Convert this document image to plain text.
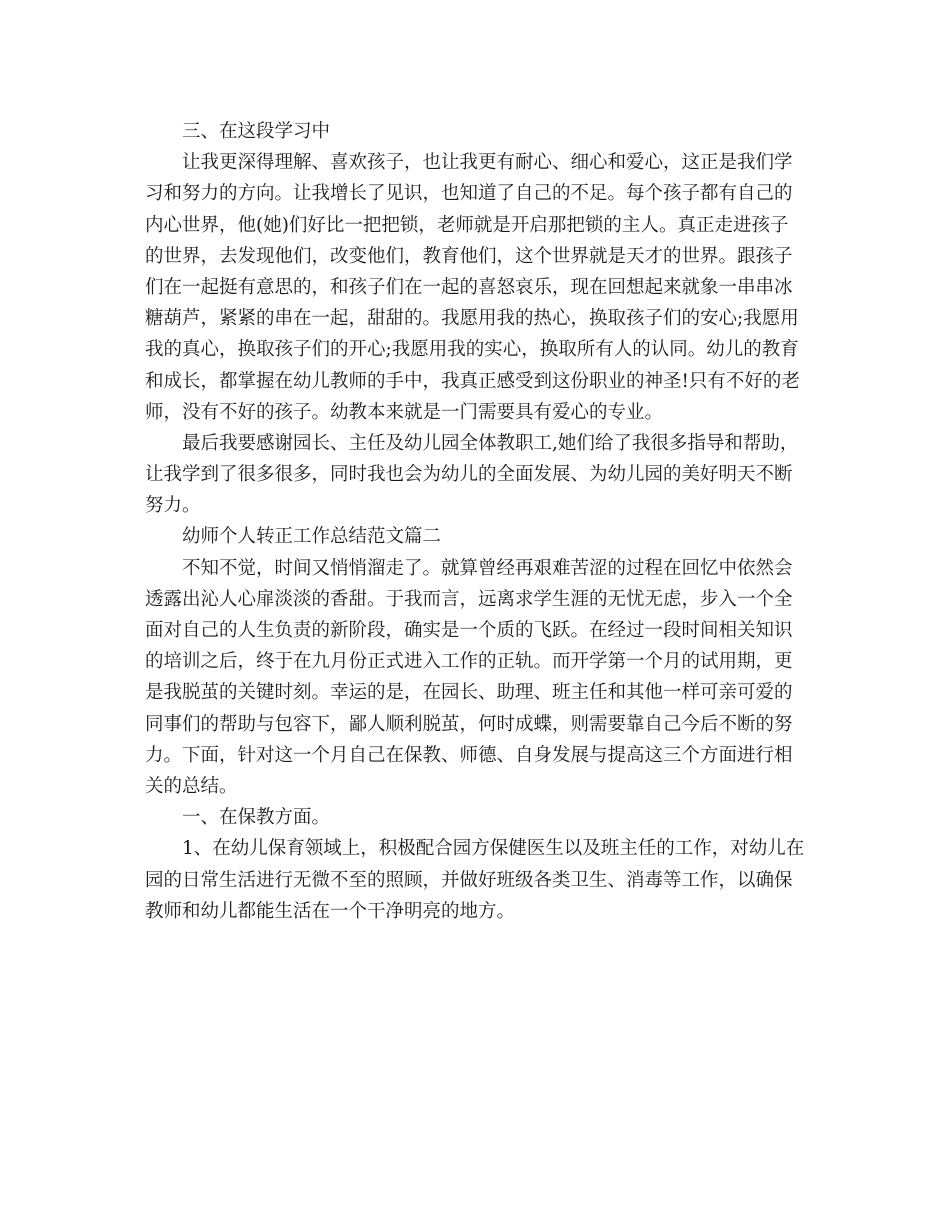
三、在这段学习中
让我更深得理解、喜欢孩子，也让我更有耐心、细心和爱心，这正是我们学
习和努力的方向。让我增长了见识，也知道了自己的不足。每个孩子都有自己的
内心世界，他(她)们好比一把把锁，老师就是开启那把锁的主人。真正走进孩子
的世界，去发现他们，改变他们，教育他们，这个世界就是天才的世界。跟孩子
们在一起挺有意思的，和孩子们在一起的喜怒哀乐，现在回想起来就象一串串冰
糖葫芦，紧紧的串在一起，甜甜的。我愿用我的热心，换取孩子们的安心;我愿用
我的真心，换取孩子们的开心;我愿用我的实心，换取所有人的认同。幼儿的教育
和成长，都掌握在幼儿教师的手中，我真正感受到这份职业的神圣!只有不好的老
师，没有不好的孩子。幼教本来就是一门需要具有爱心的专业。
最后我要感谢园长、主任及幼儿园全体教职工,她们给了我很多指导和帮助，
让我学到了很多很多，同时我也会为幼儿的全面发展、为幼儿园的美好明天不断
努力。
幼师个人转正工作总结范文篇二
不知不觉，时间又悄悄溜走了。就算曾经再艰难苦涩的过程在回忆中依然会
透露出沁人心扉淡淡的香甜。于我而言，远离求学生涯的无忧无虑，步入一个全
面对自己的人生负责的新阶段，确实是一个质的飞跃。在经过一段时间相关知识
的培训之后，终于在九月份正式进入工作的正轨。而开学第一个月的试用期，更
是我脱茧的关键时刻。幸运的是，在园长、助理、班主任和其他一样可亲可爱的
同事们的帮助与包容下，鄙人顺利脱茧，何时成蝶，则需要靠自己今后不断的努
力。下面，针对这一个月自己在保教、师德、自身发展与提高这三个方面进行相
关的总结。
一、在保教方面。
1、在幼儿保育领域上，积极配合园方保健医生以及班主任的工作，对幼儿在
园的日常生活进行无微不至的照顾，并做好班级各类卫生、消毒等工作，以确保
教师和幼儿都能生活在一个干净明亮的地方。
